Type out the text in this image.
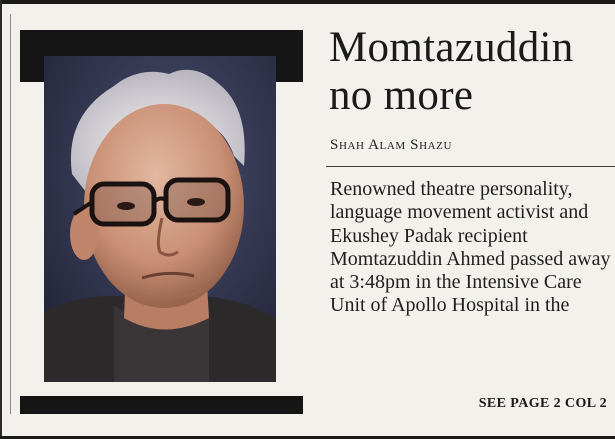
Momtazuddin no more

Shah Alam Shazu

Renowned theatre personality, language movement activist and Ekushey Padak recipient Momtazuddin Ahmed passed away at 3:48pm in the Intensive Care Unit of Apollo Hospital in the

SEE PAGE 2 COL 2
